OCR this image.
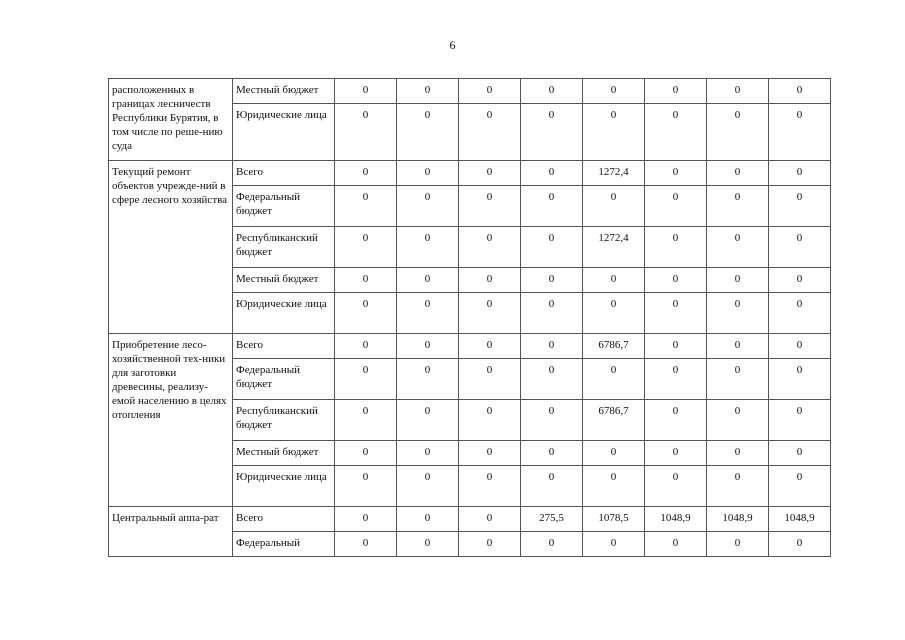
6
расположенных в границах лесничеств Республики Бурятия, в том числе по реше-нию суда	Местный бюджет	0	0	0	0	0	0	0	0
	Юридические лица	0	0	0	0	0	0	0	0
Текущий ремонт объектов учрежде-ний в сфере лесного хозяйства	Всего	0	0	0	0	1272,4	0	0	0
	Федеральный бюджет	0	0	0	0	0	0	0	0
	Республиканский бюджет	0	0	0	0	1272,4	0	0	0
	Местный бюджет	0	0	0	0	0	0	0	0
	Юридические лица	0	0	0	0	0	0	0	0
Приобретение лесо-хозяйственной тех-ники для заготовки древесины, реализу-емой населению в целях отопления	Всего	0	0	0	0	6786,7	0	0	0
	Федеральный бюджет	0	0	0	0	0	0	0	0
	Республиканский бюджет	0	0	0	0	6786,7	0	0	0
	Местный бюджет	0	0	0	0	0	0	0	0
	Юридические лица	0	0	0	0	0	0	0	0
Центральный аппа-рат	Всего	0	0	0	275,5	1078,5	1048,9	1048,9	1048,9
	Федеральный	0	0	0	0	0	0	0	0
